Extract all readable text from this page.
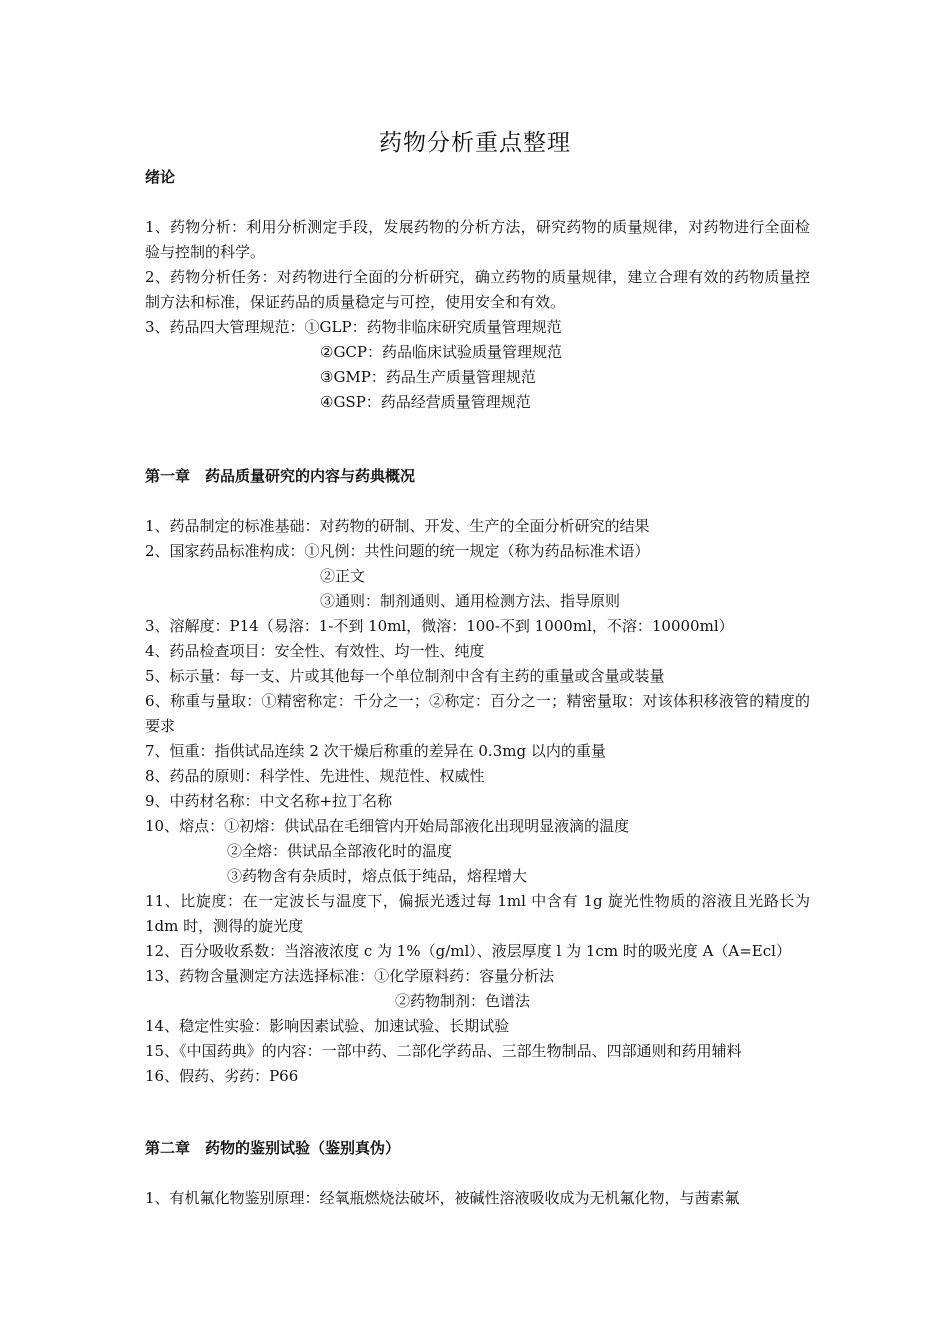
药物分析重点整理
绪论
1、药物分析：利用分析测定手段，发展药物的分析方法，研究药物的质量规律，对药物进行全面检验与控制的科学。
2、药物分析任务：对药物进行全面的分析研究，确立药物的质量规律，建立合理有效的药物质量控制方法和标准，保证药品的质量稳定与可控，使用安全和有效。
3、药品四大管理规范：①GLP：药物非临床研究质量管理规范
②GCP：药品临床试验质量管理规范
③GMP：药品生产质量管理规范
④GSP：药品经营质量管理规范
第一章　药品质量研究的内容与药典概况
1、药品制定的标准基础：对药物的研制、开发、生产的全面分析研究的结果
2、国家药品标准构成：①凡例：共性问题的统一规定（称为药品标准术语）
②正文
③通则：制剂通则、通用检测方法、指导原则
3、溶解度：P14（易溶：1-不到 10ml，微溶：100-不到 1000ml，不溶：10000ml）
4、药品检查项目：安全性、有效性、均一性、纯度
5、标示量：每一支、片或其他每一个单位制剂中含有主药的重量或含量或装量
6、称重与量取：①精密称定：千分之一；②称定：百分之一；精密量取：对该体积移液管的精度的要求
7、恒重：指供试品连续 2 次干燥后称重的差异在 0.3mg 以内的重量
8、药品的原则：科学性、先进性、规范性、权威性
9、中药材名称：中文名称+拉丁名称
10、熔点：①初熔：供试品在毛细管内开始局部液化出现明显液滴的温度
②全熔：供试品全部液化时的温度
③药物含有杂质时，熔点低于纯品，熔程增大
11、比旋度：在一定波长与温度下，偏振光透过每 1ml 中含有 1g 旋光性物质的溶液且光路长为 1dm 时，测得的旋光度
12、百分吸收系数：当溶液浓度 c 为 1%（g/ml）、液层厚度 l 为 1cm 时的吸光度 A（A=Ecl）
13、药物含量测定方法选择标准：①化学原料药：容量分析法
②药物制剂：色谱法
14、稳定性实验：影响因素试验、加速试验、长期试验
15、《中国药典》的内容：一部中药、二部化学药品、三部生物制品、四部通则和药用辅料
16、假药、劣药：P66
第二章　药物的鉴别试验（鉴别真伪）
1、有机氟化物鉴别原理：经氧瓶燃烧法破坏，被碱性溶液吸收成为无机氟化物，与茜素氟
